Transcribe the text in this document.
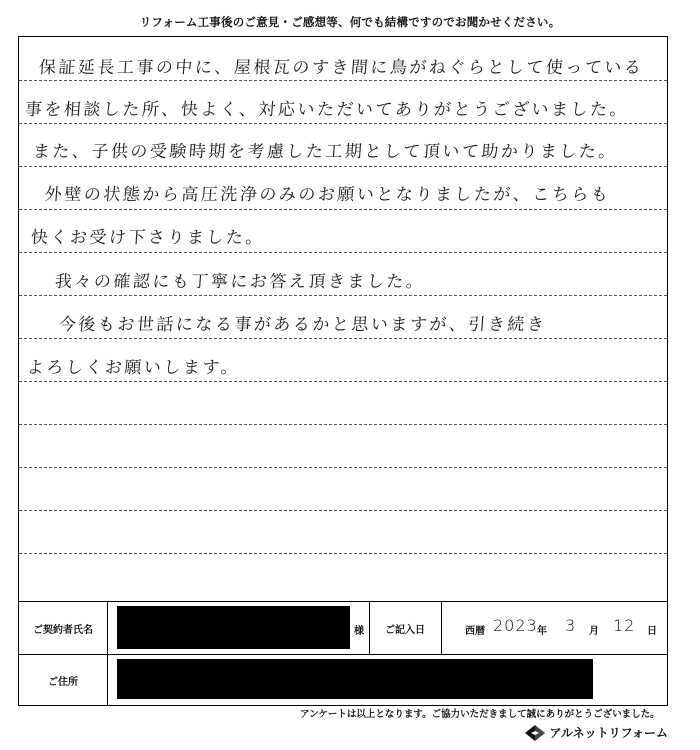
リフォーム工事後のご意見・ご感想等、何でも結構ですのでお聞かせください。
保証延長工事の中に、屋根瓦のすき間に鳥がねぐらとして使っている
事を相談した所、快よく、対応いただいてありがとうございました。
また、子供の受験時期を考慮した工期として頂いて助かりました。
外壁の状態から高圧洗浄のみのお願いとなりましたが、こちらも
快くお受け下さりました。
我々の確認にも丁寧にお答え頂きました。
今後もお世話になる事があるかと思いますが、引き続き
よろしくお願いします。
ご契約者氏名	様	ご記入日	西暦 2023 年 3 月 12 日
ご住所
アンケートは以上となります。ご協力いただきまして誠にありがとうございました。
アルネットリフォーム
